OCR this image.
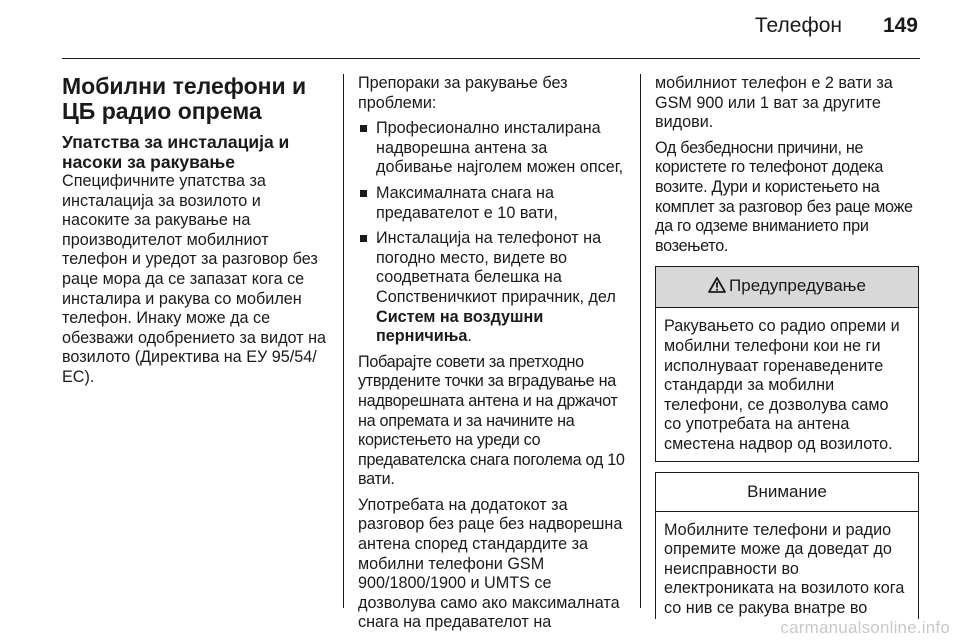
Телефон 149
Мобилни телефони и ЦБ радио опрема
Упатства за инсталација и насоки за ракување

Специфичните упатства за инсталација за возилото и насоките за ракување на производителот мобилниот телефон и уредот за разговор без раце мора да се запазат кога се инсталира и ракува со мобилен телефон. Инаку може да се обезважи одобрението за видот на возилото (Директива на ЕУ 95/54/ЕС).

Препораки за ракување без проблеми:

Професионално инсталирана надворешна антена за добивање најголем можен опсег,
Максималната снага на предавателот е 10 вати,
Инсталација на телефонот на погодно место, видете во соодветната белешка на Сопственичкиот прирачник, дел Систем на воздушни перничиња.

Побарајте совети за претходно утврдените точки за вградување на надворешната антена и на држачот на опремата и за начините на користењето на уреди со предавателска снага поголема од 10 вати.

Употребата на додатокот за разговор без раце без надворешна антена според стандардите за мобилни телефони GSM 900/1800/1900 и UMTS се дозволува само ако максималната снага на предавателот на

мобилниот телефон е 2 вати за GSM 900 или 1 ват за другите видови.

Од безбедносни причини, не користете го телефонот додека возите. Дури и користењето на комплет за разговор без раце може да го одземе вниманието при возењето.

Предупредување
Ракувањето со радио опреми и мобилни телефони кои не ги исполнуваат горенаведените стандарди за мобилни телефони, се дозволува само со употребата на антена сместена надвор од возилото.
Внимание
Мобилните телефони и радио опремите може да доведат до неисправности во електрониката на возилото кога со нив се ракува внатре во
carmanualsonline.info
